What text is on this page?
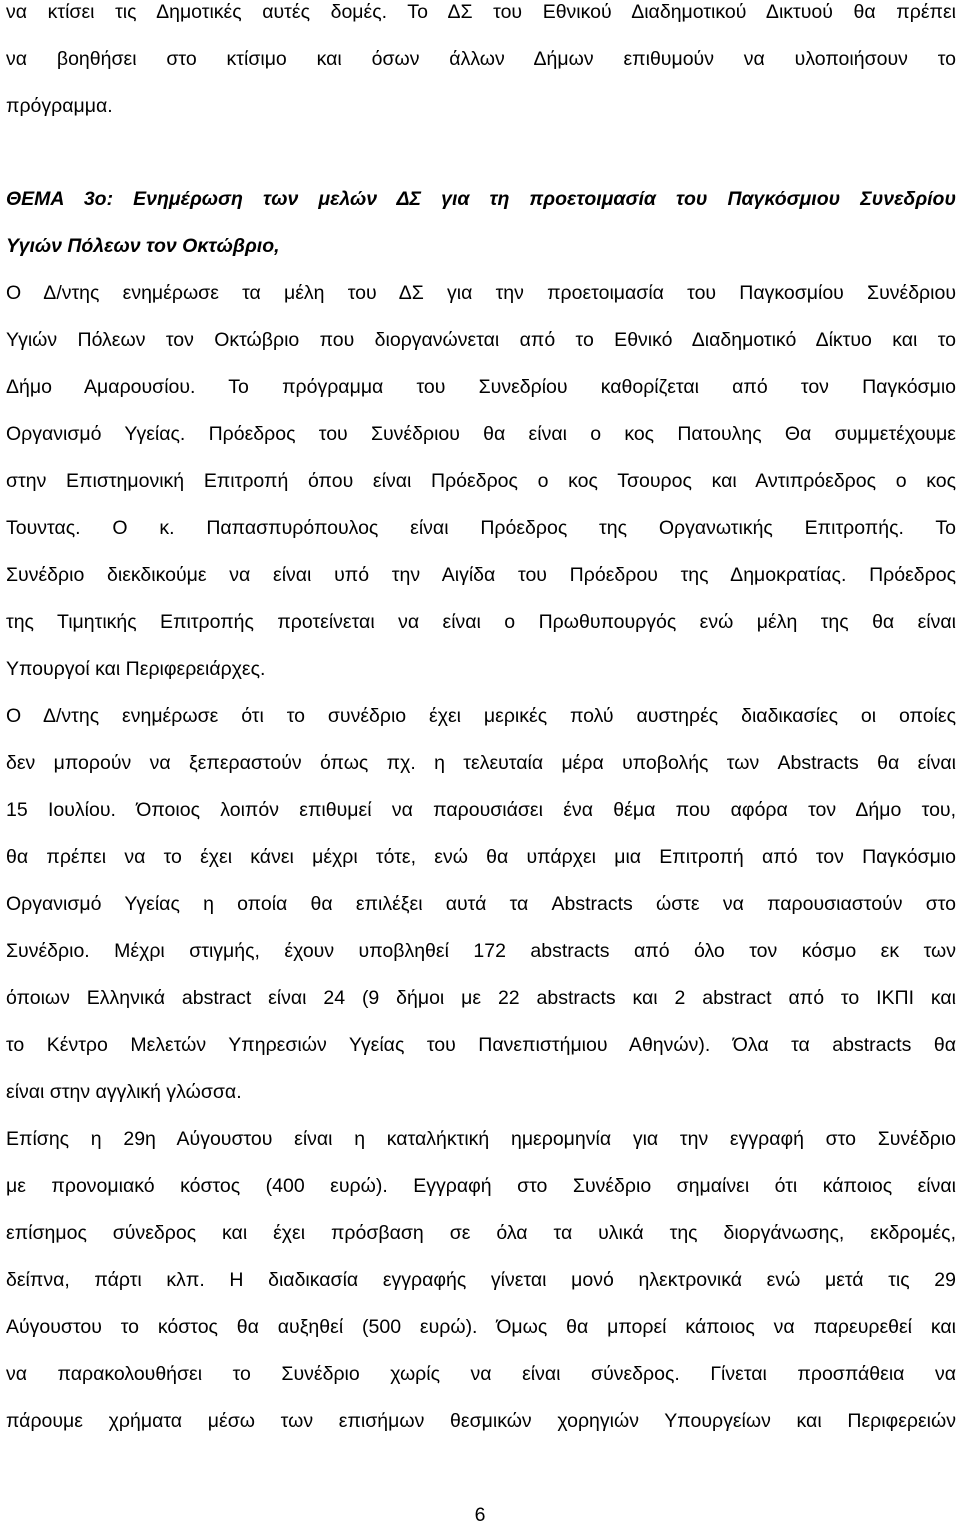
να κτίσει τις Δημοτικές αυτές δομές. Το ΔΣ του Εθνικού Διαδημοτικού Δικτυού θα πρέπει
να βοηθήσει στο κτίσιμο και όσων άλλων Δήμων επιθυμούν να υλοποιήσουν το
πρόγραμμα.
ΘΕΜΑ 3ο: Ενημέρωση των μελών ΔΣ για τη προετοιμασία του Παγκόσμιου Συνεδρίου
Υγιών Πόλεων τον Οκτώβριο,
Ο Δ/ντης ενημέρωσε τα μέλη του ΔΣ για την προετοιμασία του Παγκοσμίου Συνέδριου
Υγιών Πόλεων τον Οκτώβριο που διοργανώνεται από το Εθνικό Διαδημοτικό Δίκτυο και το
Δήμο Αμαρουσίου. Το πρόγραμμα του Συνεδρίου καθορίζεται από τον Παγκόσμιο
Οργανισμό Υγείας. Πρόεδρος του Συνέδριου θα είναι ο κος Πατουλης Θα συμμετέχουμε
στην Επιστημονική Επιτροπή όπου είναι Πρόεδρος ο κος Τσουρος και Αντιπρόεδρος ο κος
Τουντας. Ο κ. Παπασπυρόπουλος είναι Πρόεδρος της Οργανωτικής Επιτροπής. Το
Συνέδριο διεκδικούμε να είναι υπό την Αιγίδα του Πρόεδρου της Δημοκρατίας. Πρόεδρος
της Τιμητικής Επιτροπής προτείνεται να είναι ο Πρωθυπουργός ενώ μέλη της θα είναι
Υπουργοί και Περιφερειάρχες.
Ο Δ/ντης ενημέρωσε ότι το συνέδριο έχει μερικές πολύ αυστηρές διαδικασίες οι οποίες
δεν μπορούν να ξεπεραστούν όπως πχ. η τελευταία μέρα υποβολής των Abstracts θα είναι
15 Ιουλίου. Όποιος λοιπόν επιθυμεί να παρουσιάσει ένα θέμα που αφόρα τον Δήμο του,
θα πρέπει να το έχει κάνει μέχρι τότε, ενώ θα υπάρχει μια Επιτροπή από τον Παγκόσμιο
Οργανισμό Υγείας η οποία θα επιλέξει αυτά τα Abstracts ώστε να παρουσιαστούν στο
Συνέδριο. Μέχρι στιγμής, έχουν υποβληθεί 172 abstracts από όλο τον κόσμο εκ των
όποιων Ελληνικά abstract είναι 24 (9 δήμοι με 22 abstracts και 2 abstract από το ΙΚΠΙ και
το Κέντρο Μελετών Υπηρεσιών Υγείας του Πανεπιστήμιου Αθηνών). Όλα τα abstracts θα
είναι στην αγγλική γλώσσα.
Επίσης η 29η Αύγουστου είναι η καταλήκτική ημερομηνία για την εγγραφή στο Συνέδριο
με προνομιακό κόστος (400 ευρώ). Εγγραφή στο Συνέδριο σημαίνει ότι κάποιος είναι
επίσημος σύνεδρος και έχει πρόσβαση σε όλα τα υλικά της διοργάνωσης, εκδρομές,
δείπνα, πάρτι κλπ. Η διαδικασία εγγραφής γίνεται μονό ηλεκτρονικά ενώ μετά τις 29
Αύγουστου το κόστος θα αυξηθεί (500 ευρώ). Όμως θα μπορεί κάποιος να παρευρεθεί και
να παρακολουθήσει το Συνέδριο χωρίς να είναι σύνεδρος. Γίνεται προσπάθεια να
πάρουμε χρήματα μέσω των επισήμων θεσμικών χορηγιών Υπουργείων και Περιφερειών
6
